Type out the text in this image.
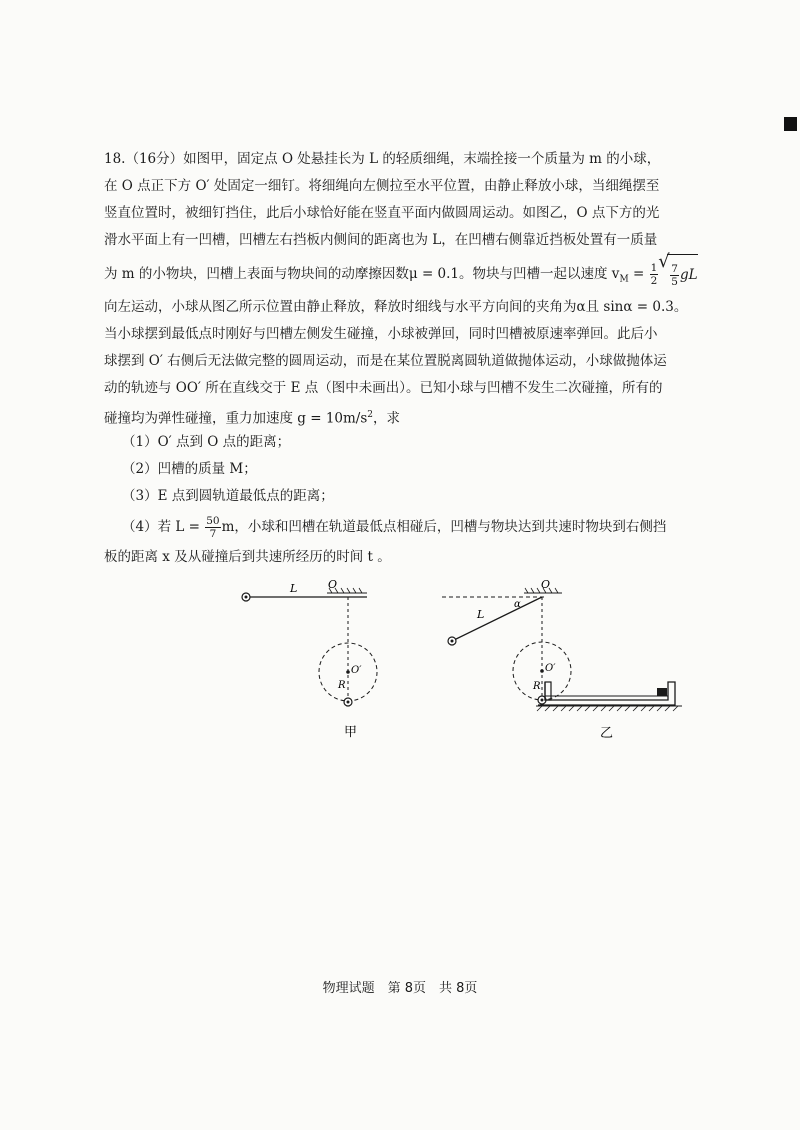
18.（16分）如图甲，固定点 O 处悬挂长为 L 的轻质细绳，末端拴接一个质量为 m 的小球，
在 O 点正下方 O′ 处固定一细钉。将细绳向左侧拉至水平位置，由静止释放小球，当细绳摆至
竖直位置时，被细钉挡住，此后小球恰好能在竖直平面内做圆周运动。如图乙，O 点下方的光
滑水平面上有一凹槽，凹槽左右挡板内侧间的距离也为 L，在凹槽右侧靠近挡板处置有一质量
为 m 的小物块，凹槽上表面与物块间的动摩擦因数μ = 0.1。物块与凹槽一起以速度 $v_M = \frac{1}{2}$
√ $\frac{7}{5}$ gL
向左运动，小球从图乙所示位置由静止释放，释放时细线与水平方向间的夹角为α且 sinα = 0.3。
当小球摆到最低点时刚好与凹槽左侧发生碰撞，小球被弹回，同时凹槽被原速率弹回。此后小
球摆到 O′ 右侧后无法做完整的圆周运动，而是在某位置脱离圆轨道做抛体运动，小球做抛体运
动的轨迹与 OO′ 所在直线交于 E 点（图中未画出）。已知小球与凹槽不发生二次碰撞，所有的
碰撞均为弹性碰撞，重力加速度 $g = 10m/s^2$，求
（1）O′ 点到 O 点的距离；
（2）凹槽的质量 M；
（3）E 点到圆轨道最低点的距离；
（4）若 $L = \frac{50}{7}$ m，小球和凹槽在轨道最低点相碰后，凹槽与物块达到共速时物块到右侧挡
板的距离 x 及从碰撞后到共速所经历的时间 t 。
O
L
O′
R
甲
O
α
L
O′
R
乙
物理试题　第 8页　共 8页
